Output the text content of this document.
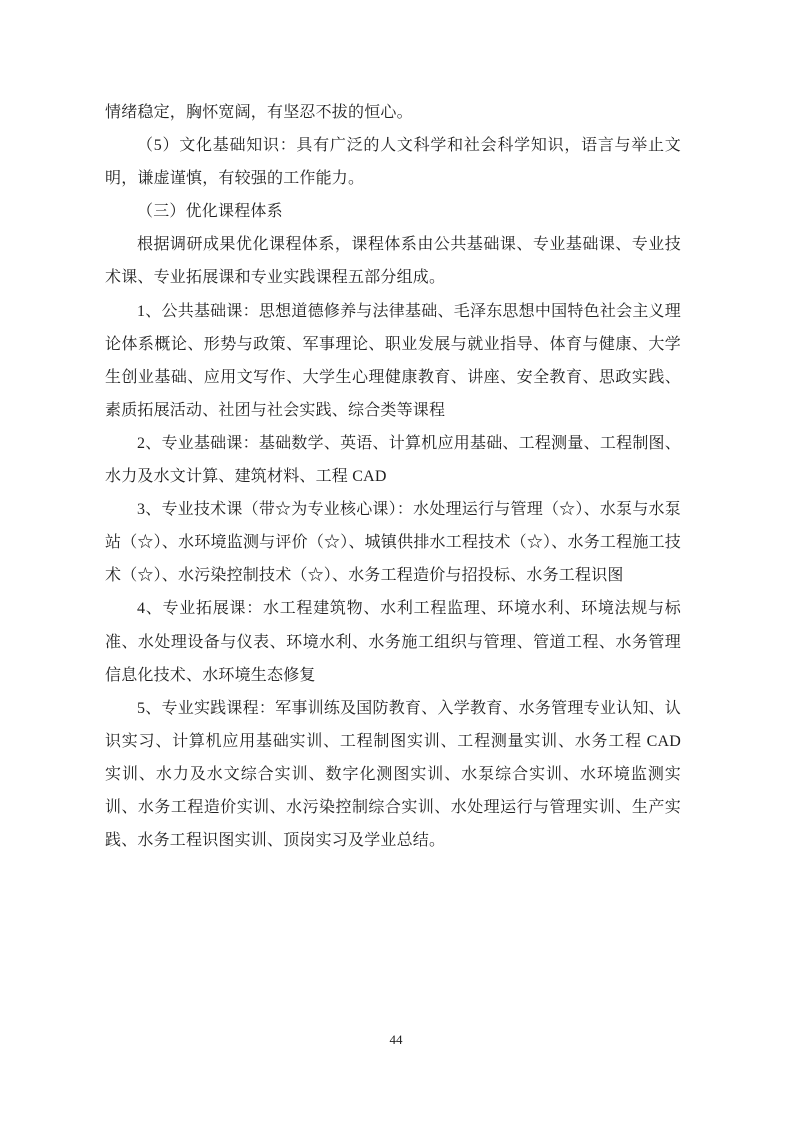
情绪稳定，胸怀宽阔，有坚忍不拔的恒心。

（5）文化基础知识：具有广泛的人文科学和社会科学知识，语言与举止文明，谦虚谨慎，有较强的工作能力。

（三）优化课程体系

根据调研成果优化课程体系，课程体系由公共基础课、专业基础课、专业技术课、专业拓展课和专业实践课程五部分组成。

1、公共基础课：思想道德修养与法律基础、毛泽东思想中国特色社会主义理论体系概论、形势与政策、军事理论、职业发展与就业指导、体育与健康、大学生创业基础、应用文写作、大学生心理健康教育、讲座、安全教育、思政实践、素质拓展活动、社团与社会实践、综合类等课程

2、专业基础课：基础数学、英语、计算机应用基础、工程测量、工程制图、水力及水文计算、建筑材料、工程 CAD

3、专业技术课（带☆为专业核心课）：水处理运行与管理（☆）、水泵与水泵站（☆）、水环境监测与评价（☆）、城镇供排水工程技术（☆）、水务工程施工技术（☆）、水污染控制技术（☆）、水务工程造价与招投标、水务工程识图

4、专业拓展课：水工程建筑物、水利工程监理、环境水利、环境法规与标准、水处理设备与仪表、环境水利、水务施工组织与管理、管道工程、水务管理信息化技术、水环境生态修复

5、专业实践课程：军事训练及国防教育、入学教育、水务管理专业认知、认识实习、计算机应用基础实训、工程制图实训、工程测量实训、水务工程 CAD 实训、水力及水文综合实训、数字化测图实训、水泵综合实训、水环境监测实训、水务工程造价实训、水污染控制综合实训、水处理运行与管理实训、生产实践、水务工程识图实训、顶岗实习及学业总结。

44
